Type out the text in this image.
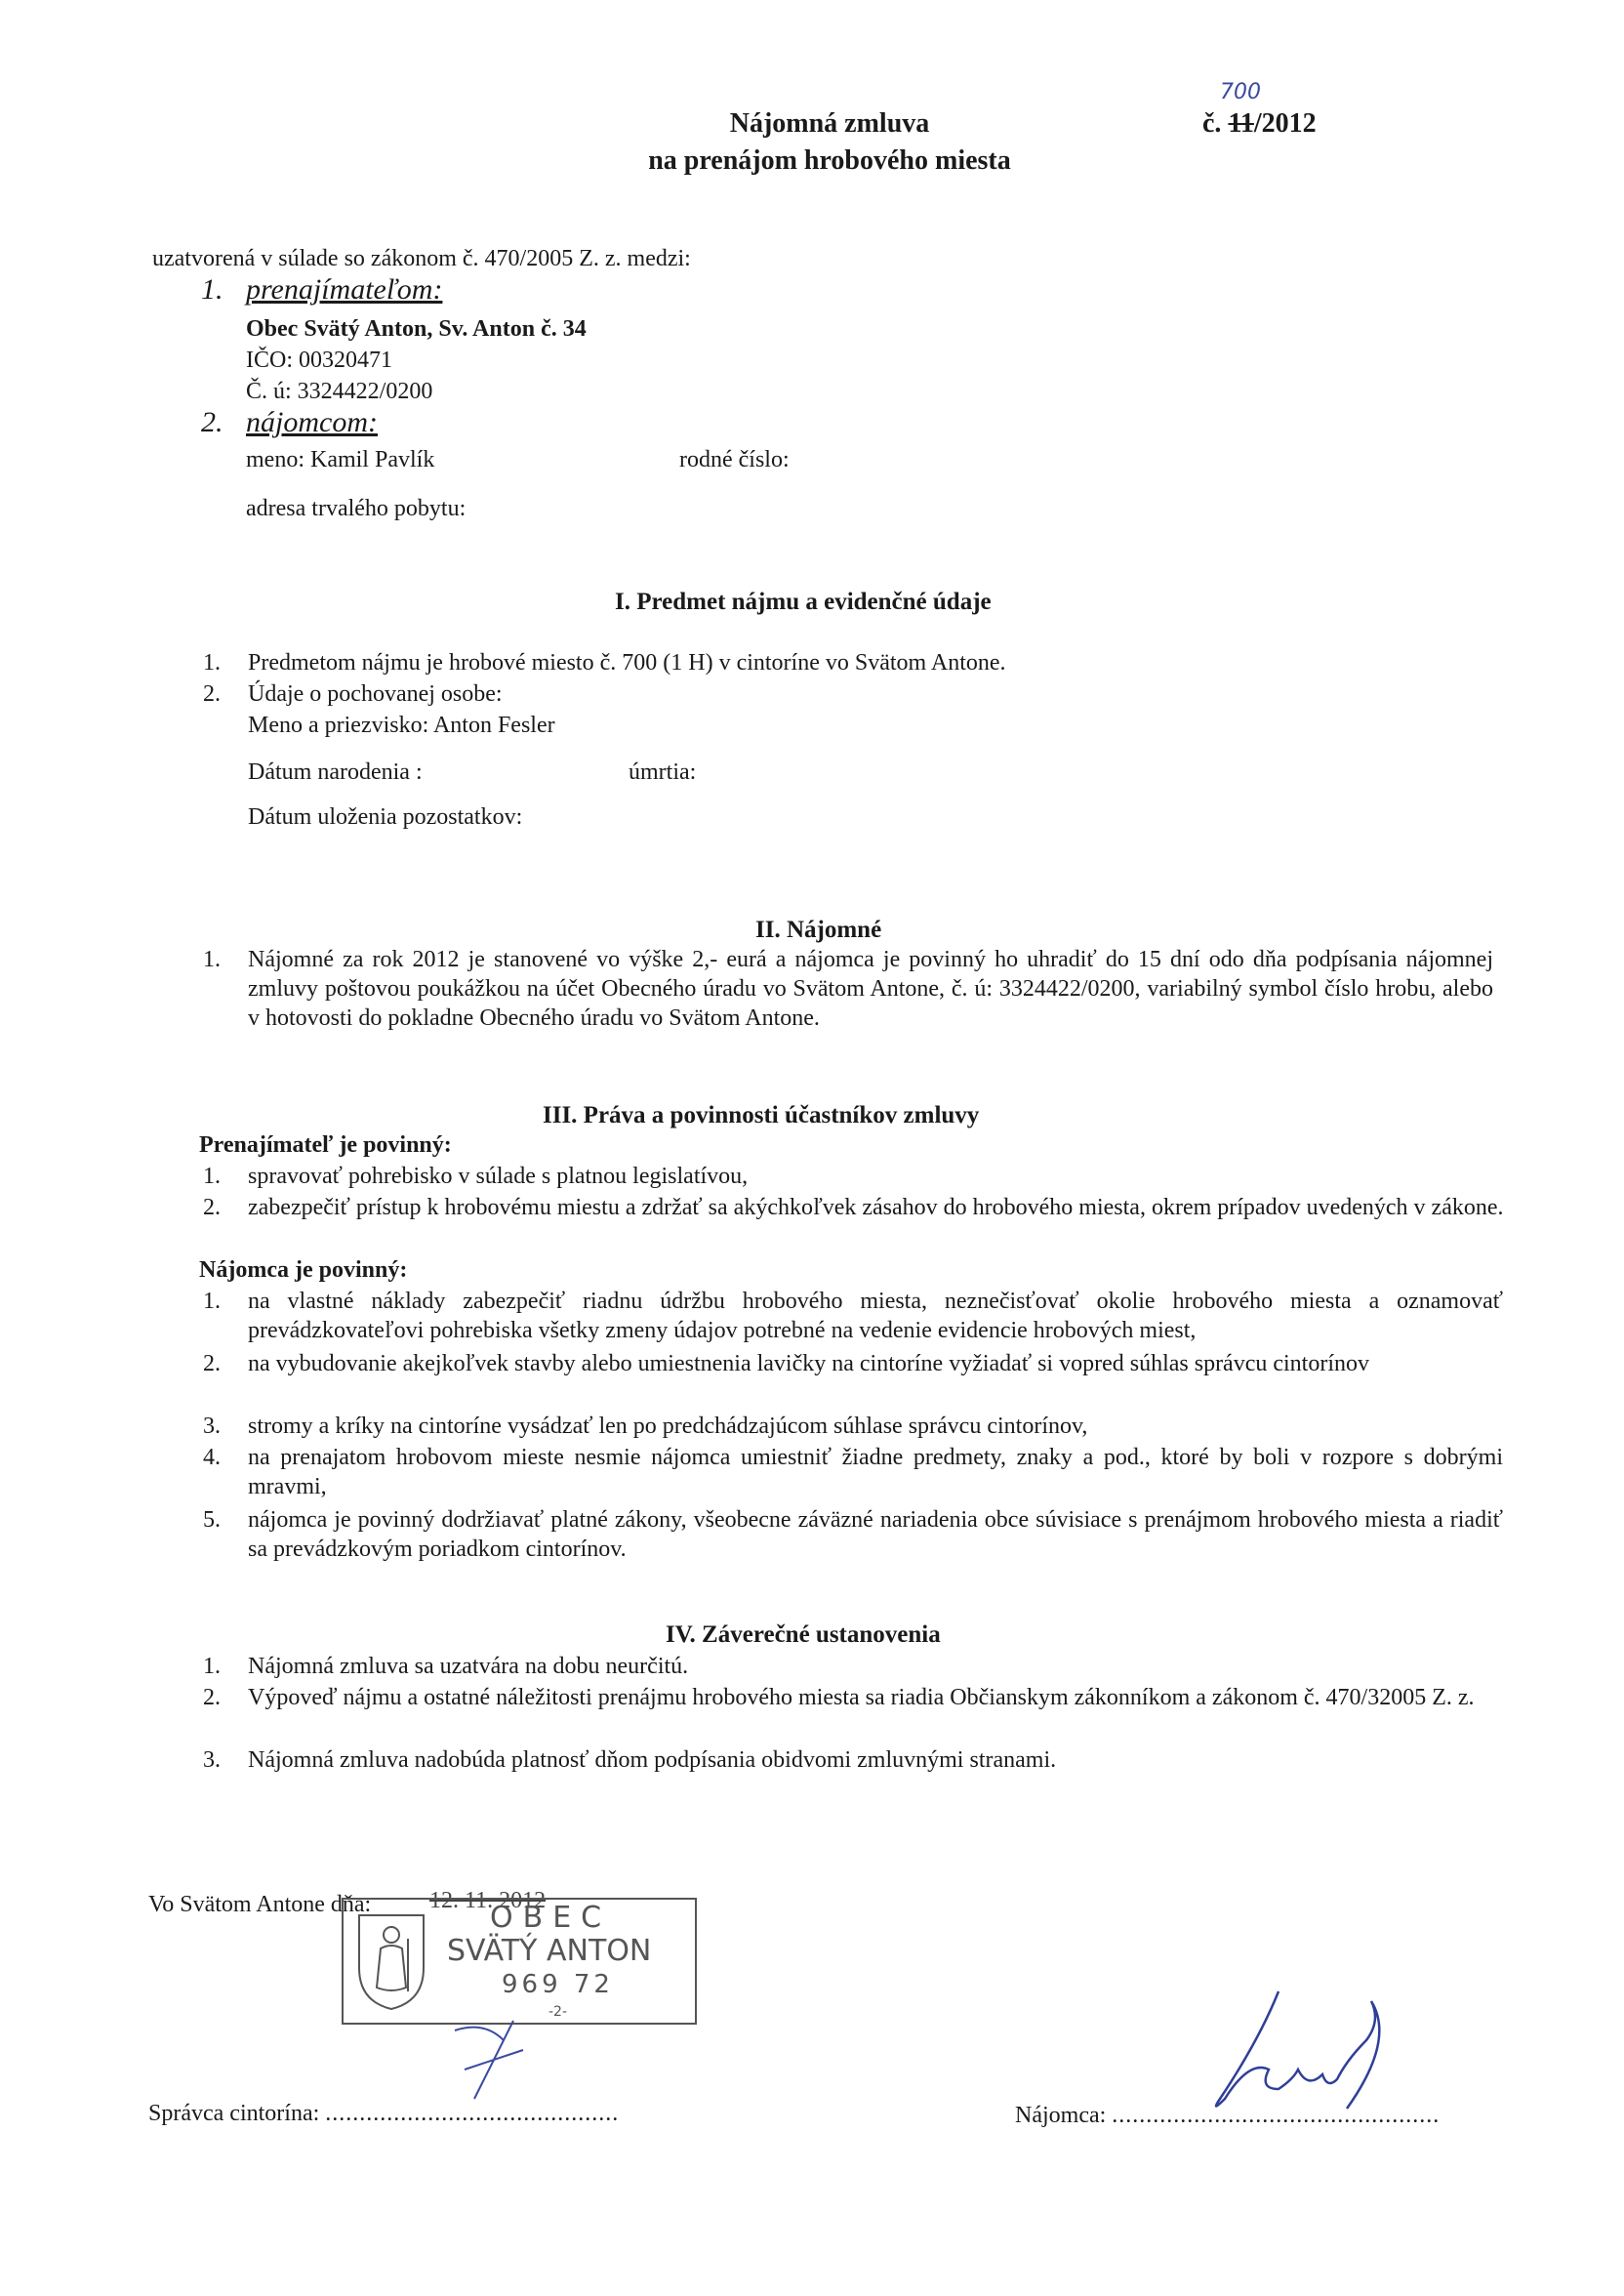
Nájomná zmluva
na prenájom hrobového miesta
č. 11/2012
700
uzatvorená v súlade so zákonom č. 470/2005 Z. z. medzi:
1. prenajímateľom:
Obec Svätý Anton, Sv. Anton č. 34
IČO: 00320471
Č. ú: 3324422/0200
2. nájomcom:
meno: Kamil Pavlík	rodné číslo:
adresa trvalého pobytu:
I. Predmet nájmu a evidenčné údaje
1. Predmetom nájmu je hrobové miesto č. 700 (1 H) v cintoríne vo Svätom Antone.
2. Údaje o pochovanej osobe:
Meno a priezvisko: Anton Fesler
Dátum narodenia :	úmrtia:
Dátum uloženia pozostatkov:
II. Nájomné
1. Nájomné za rok 2012 je stanovené vo výške 2,- eurá a nájomca je povinný ho uhradiť do 15 dní odo dňa podpísania nájomnej zmluvy poštovou poukážkou na účet Obecného úradu vo Svätom Antone, č. ú: 3324422/0200, variabilný symbol číslo hrobu, alebo v hotovosti do pokladne Obecného úradu vo Svätom Antone.
III. Práva a povinnosti účastníkov zmluvy
Prenajímateľ je povinný:
1. spravovať pohrebisko v súlade s platnou legislatívou,
2. zabezpečiť prístup k hrobovému miestu a zdržať sa akýchkoľvek zásahov do hrobového miesta, okrem prípadov uvedených v zákone.
Nájomca je povinný:
1. na vlastné náklady zabezpečiť riadnu údržbu hrobového miesta, neznečisťovať okolie hrobového miesta a oznamovať prevádzkovateľovi pohrebiska všetky zmeny údajov potrebné na vedenie evidencie hrobových miest,
2. na vybudovanie akejkoľvek stavby alebo umiestnenia lavičky na cintoríne vyžiadať si vopred súhlas správcu cintorínov
3. stromy a kríky na cintoríne vysádzať len po predchádzajúcom súhlase správcu cintorínov,
4. na prenajatom hrobovom mieste nesmie nájomca umiestniť žiadne predmety, znaky a pod., ktoré by boli v rozpore s dobrými mravmi,
5. nájomca je povinný dodržiavať platné zákony, všeobecne záväzné nariadenia obce súvisiace s prenájmom hrobového miesta a riadiť sa prevádzkovým poriadkom cintorínov.
IV. Záverečné ustanovenia
1. Nájomná zmluva sa uzatvára na dobu neurčitú.
2. Výpoveď nájmu a ostatné náležitosti prenájmu hrobového miesta sa riadia Občianskym zákonníkom a zákonom č. 470/32005 Z. z.
3. Nájomná zmluva nadobúda platnosť dňom podpísania obidvomi zmluvnými stranami.
Vo Svätom Antone dňa: 12. 11. 2012
OBEC
SVÄTÝ ANTON
969 72
-2-
Správca cintorína: ...........................................	Nájomca: ................................................
